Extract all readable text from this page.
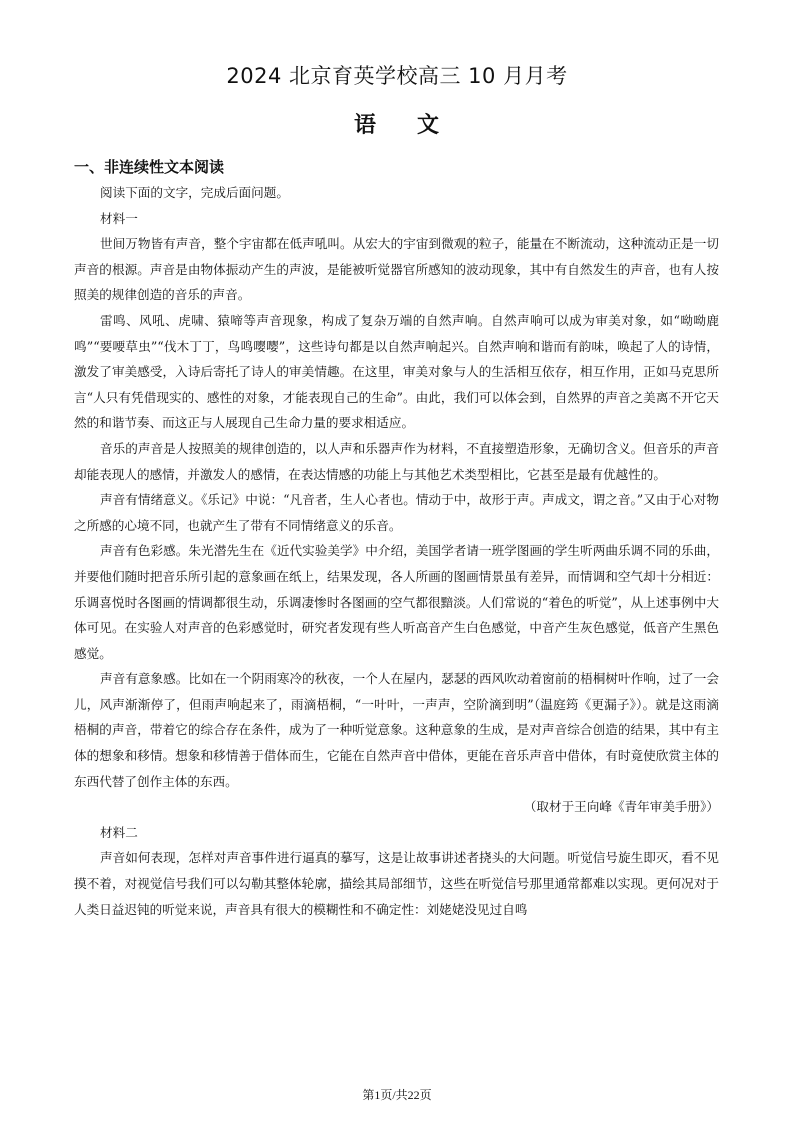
2024 北京育英学校高三 10 月月考
语 文
一、非连续性文本阅读

阅读下面的文字，完成后面问题。

材料一

世间万物皆有声音，整个宇宙都在低声吼叫。从宏大的宇宙到微观的粒子，能量在不断流动，这种流动正是一切声音的根源。声音是由物体振动产生的声波，是能被听觉器官所感知的波动现象，其中有自然发生的声音，也有人按照美的规律创造的音乐的声音。

雷鸣、风吼、虎啸、猿啼等声音现象，构成了复杂万端的自然声响。自然声响可以成为审美对象，如“呦呦鹿鸣”“要喓草虫”“伐木丁丁，鸟鸣嘤嘤”，这些诗句都是以自然声响起兴。自然声响和谐而有韵味，唤起了人的诗情，激发了审美感受，入诗后寄托了诗人的审美情趣。在这里，审美对象与人的生活相互依存，相互作用，正如马克思所言“人只有凭借现实的、感性的对象，才能表现自己的生命”。由此，我们可以体会到，自然界的声音之美离不开它天然的和谐节奏、而这正与人展现自己生命力量的要求相适应。

音乐的声音是人按照美的规律创造的，以人声和乐器声作为材料，不直接塑造形象，无确切含义。但音乐的声音却能表现人的感情，并激发人的感情，在表达情感的功能上与其他艺术类型相比，它甚至是最有优越性的。

声音有情绪意义。《乐记》中说：“凡音者，生人心者也。情动于中，故形于声。声成文，谓之音。”又由于心对物之所感的心境不同，也就产生了带有不同情绪意义的乐音。

声音有色彩感。朱光潜先生在《近代实验美学》中介绍，美国学者请一班学图画的学生听两曲乐调不同的乐曲，并要他们随时把音乐所引起的意象画在纸上，结果发现，各人所画的图画情景虽有差异，而情调和空气却十分相近：乐调喜悦时各图画的情调都很生动，乐调凄惨时各图画的空气都很黯淡。人们常说的“着色的听觉”，从上述事例中大体可见。在实验人对声音的色彩感觉时，研究者发现有些人听高音产生白色感觉，中音产生灰色感觉，低音产生黑色感觉。

声音有意象感。比如在一个阴雨寒冷的秋夜，一个人在屋内，瑟瑟的西风吹动着窗前的梧桐树叶作响，过了一会儿，风声渐渐停了，但雨声响起来了，雨滴梧桐，“一叶叶，一声声，空阶滴到明”（温庭筠《更漏子》）。就是这雨滴梧桐的声音，带着它的综合存在条件，成为了一种听觉意象。这种意象的生成，是对声音综合创造的结果，其中有主体的想象和移情。想象和移情善于借体而生，它能在自然声音中借体，更能在音乐声音中借体，有时竟使欣赏主体的东西代替了创作主体的东西。

（取材于王向峰《青年审美手册》）

材料二

声音如何表现，怎样对声音事件进行逼真的摹写，这是让故事讲述者挠头的大问题。听觉信号旋生即灭，看不见摸不着，对视觉信号我们可以勾勒其整体轮廓，描绘其局部细节，这些在听觉信号那里通常都难以实现。更何况对于人类日益迟钝的听觉来说，声音具有很大的模糊性和不确定性：刘姥姥没见过自鸣

第1页/共22页
